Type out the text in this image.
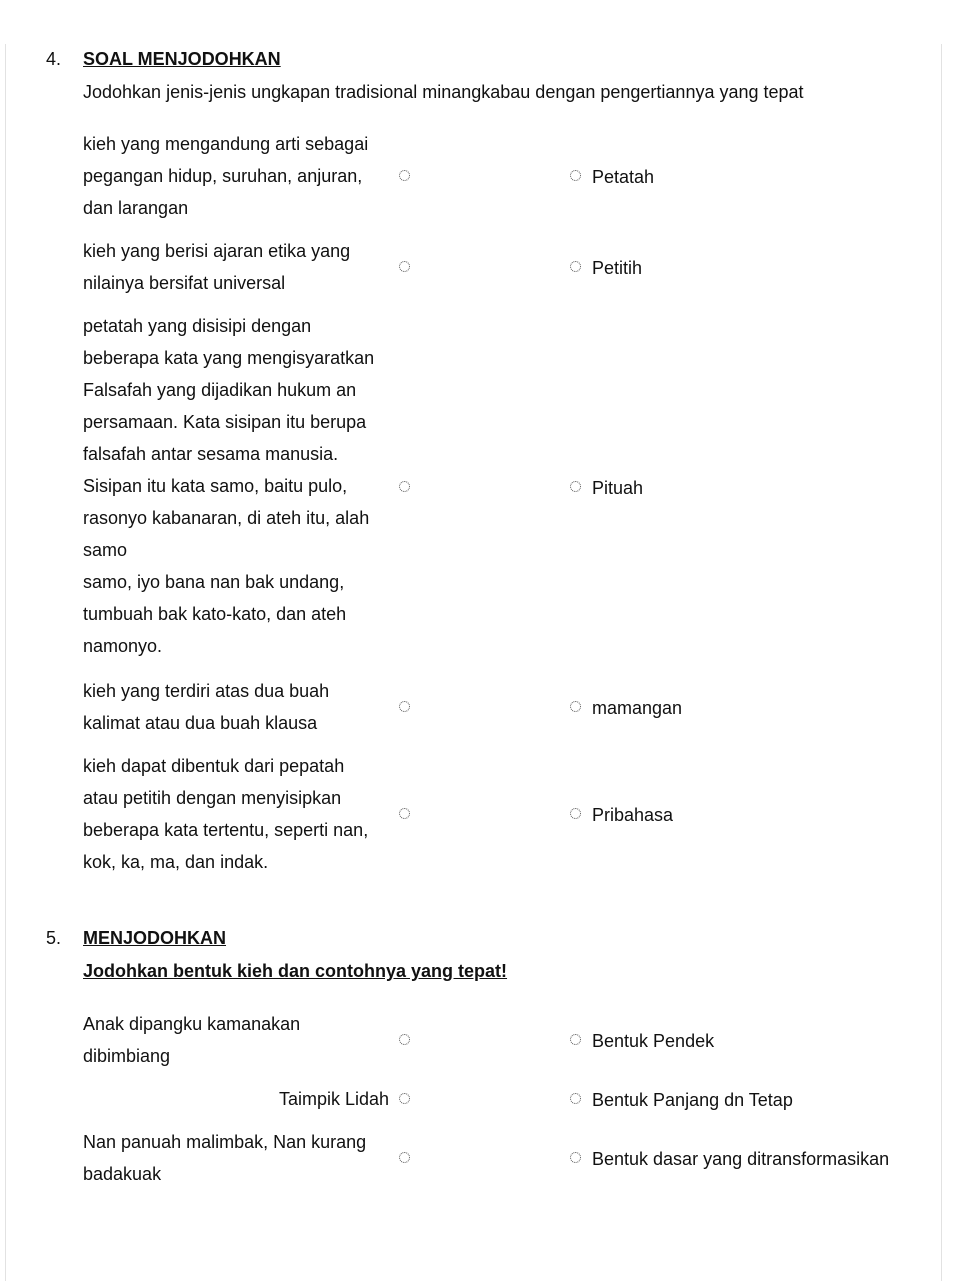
4. SOAL MENJODOHKAN
Jodohkan jenis-jenis ungkapan tradisional minangkabau dengan pengertiannya yang tepat
kieh yang mengandung arti sebagai
pegangan hidup, suruhan, anjuran,
dan larangan
Petatah
kieh yang berisi ajaran etika yang
nilainya bersifat universal
Petitih
petatah yang disisipi dengan
beberapa kata yang mengisyaratkan
Falsafah yang dijadikan hukum an
persamaan. Kata sisipan itu berupa
falsafah antar sesama manusia.
Sisipan itu kata samo, baitu pulo,
rasonyo kabanaran, di ateh itu, alah
samo
samo, iyo bana nan bak undang,
tumbuah bak kato-kato, dan ateh
namonyo.
Pituah
kieh yang terdiri atas dua buah
kalimat atau dua buah klausa
mamangan
kieh dapat dibentuk dari pepatah
atau petitih dengan menyisipkan
beberapa kata tertentu, seperti nan,
kok, ka, ma, dan indak.
Pribahasa
5. MENJODOHKAN
Jodohkan bentuk kieh dan contohnya yang tepat!
Anak dipangku kamanakan
dibimbiang
Bentuk Pendek
Taimpik Lidah	Bentuk Panjang dn Tetap
Nan panuah malimbak, Nan kurang
badakuak
Bentuk dasar yang ditransformasikan
